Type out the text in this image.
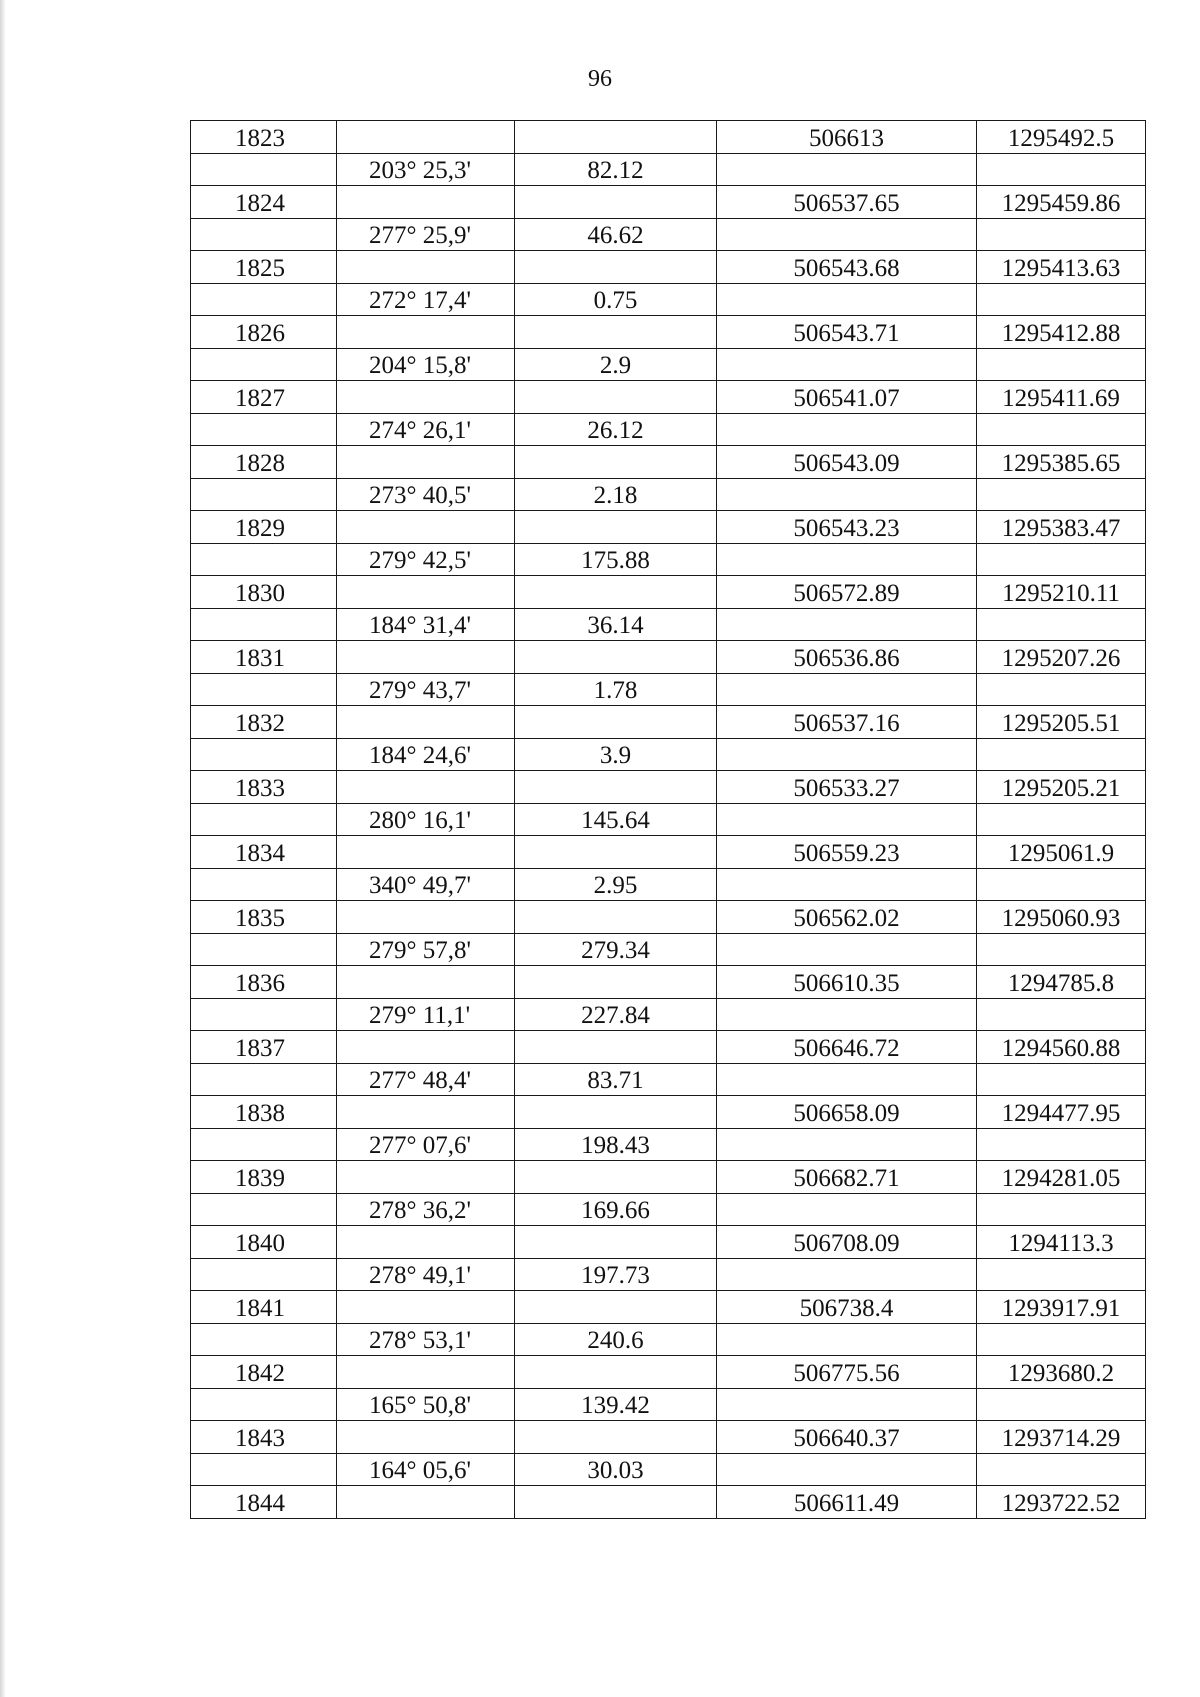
96
1823			506613	1295492.5
	203° 25,3'	82.12		
1824			506537.65	1295459.86
	277° 25,9'	46.62		
1825			506543.68	1295413.63
	272° 17,4'	0.75		
1826			506543.71	1295412.88
	204° 15,8'	2.9		
1827			506541.07	1295411.69
	274° 26,1'	26.12		
1828			506543.09	1295385.65
	273° 40,5'	2.18		
1829			506543.23	1295383.47
	279° 42,5'	175.88		
1830			506572.89	1295210.11
	184° 31,4'	36.14		
1831			506536.86	1295207.26
	279° 43,7'	1.78		
1832			506537.16	1295205.51
	184° 24,6'	3.9		
1833			506533.27	1295205.21
	280° 16,1'	145.64		
1834			506559.23	1295061.9
	340° 49,7'	2.95		
1835			506562.02	1295060.93
	279° 57,8'	279.34		
1836			506610.35	1294785.8
	279° 11,1'	227.84		
1837			506646.72	1294560.88
	277° 48,4'	83.71		
1838			506658.09	1294477.95
	277° 07,6'	198.43		
1839			506682.71	1294281.05
	278° 36,2'	169.66		
1840			506708.09	1294113.3
	278° 49,1'	197.73		
1841			506738.4	1293917.91
	278° 53,1'	240.6		
1842			506775.56	1293680.2
	165° 50,8'	139.42		
1843			506640.37	1293714.29
	164° 05,6'	30.03		
1844			506611.49	1293722.52
